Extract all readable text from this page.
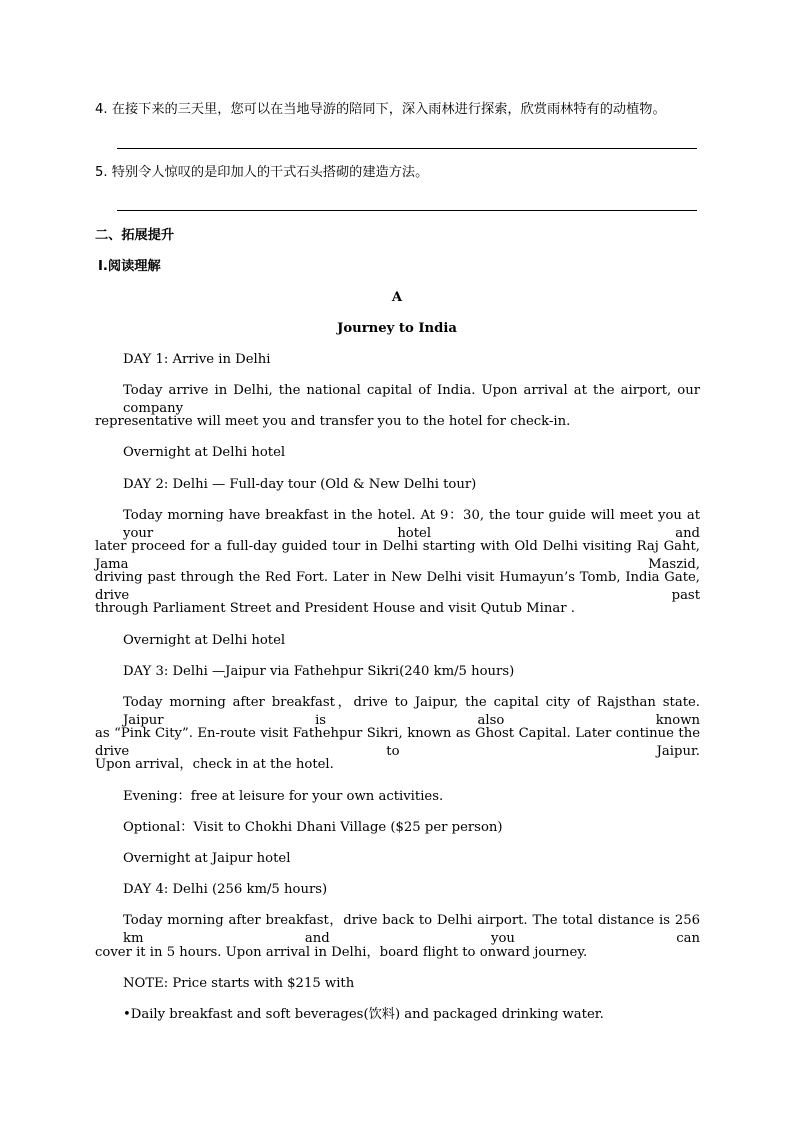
4. 在接下来的三天里，您可以在当地导游的陪同下，深入雨林进行探索，欣赏雨林特有的动植物。
5. 特别令人惊叹的是印加人的干式石头搭砌的建造方法。
二、拓展提升
Ⅰ.阅读理解
A
Journey to India
DAY 1: Arrive in Delhi
Today arrive in Delhi, the national capital of India. Upon arrival at the airport, our company
representative will meet you and transfer you to the hotel for check-in.
Overnight at Delhi hotel
DAY 2: Delhi — Full-day tour (Old & New Delhi tour)
Today morning have breakfast in the hotel. At 9：30, the tour guide will meet you at your hotel and
later proceed for a full-day guided tour in Delhi starting with Old Delhi visiting Raj Gaht, Jama Maszid,
driving past through the Red Fort. Later in New Delhi visit Humayun’s Tomb, India Gate, drive past
through Parliament Street and President House and visit Qutub Minar .
Overnight at Delhi hotel
DAY 3: Delhi —Jaipur via Fathehpur Sikri(240 km/5 hours)
Today morning after breakfast，drive to Jaipur, the capital city of Rajsthan state. Jaipur is also known
as “Pink City”. En-route visit Fathehpur Sikri, known as Ghost Capital. Later continue the drive to Jaipur.
Upon arrival，check in at the hotel.
Evening：free at leisure for your own activities.
Optional：Visit to Chokhi Dhani Village ($25 per person)
Overnight at Jaipur hotel
DAY 4: Delhi (256 km/5 hours)
Today morning after breakfast，drive back to Delhi airport. The total distance is 256 km and you can
cover it in 5 hours. Upon arrival in Delhi，board flight to onward journey.
NOTE: Price starts with $215 with
•Daily breakfast and soft beverages(饮料) and packaged drinking water.
